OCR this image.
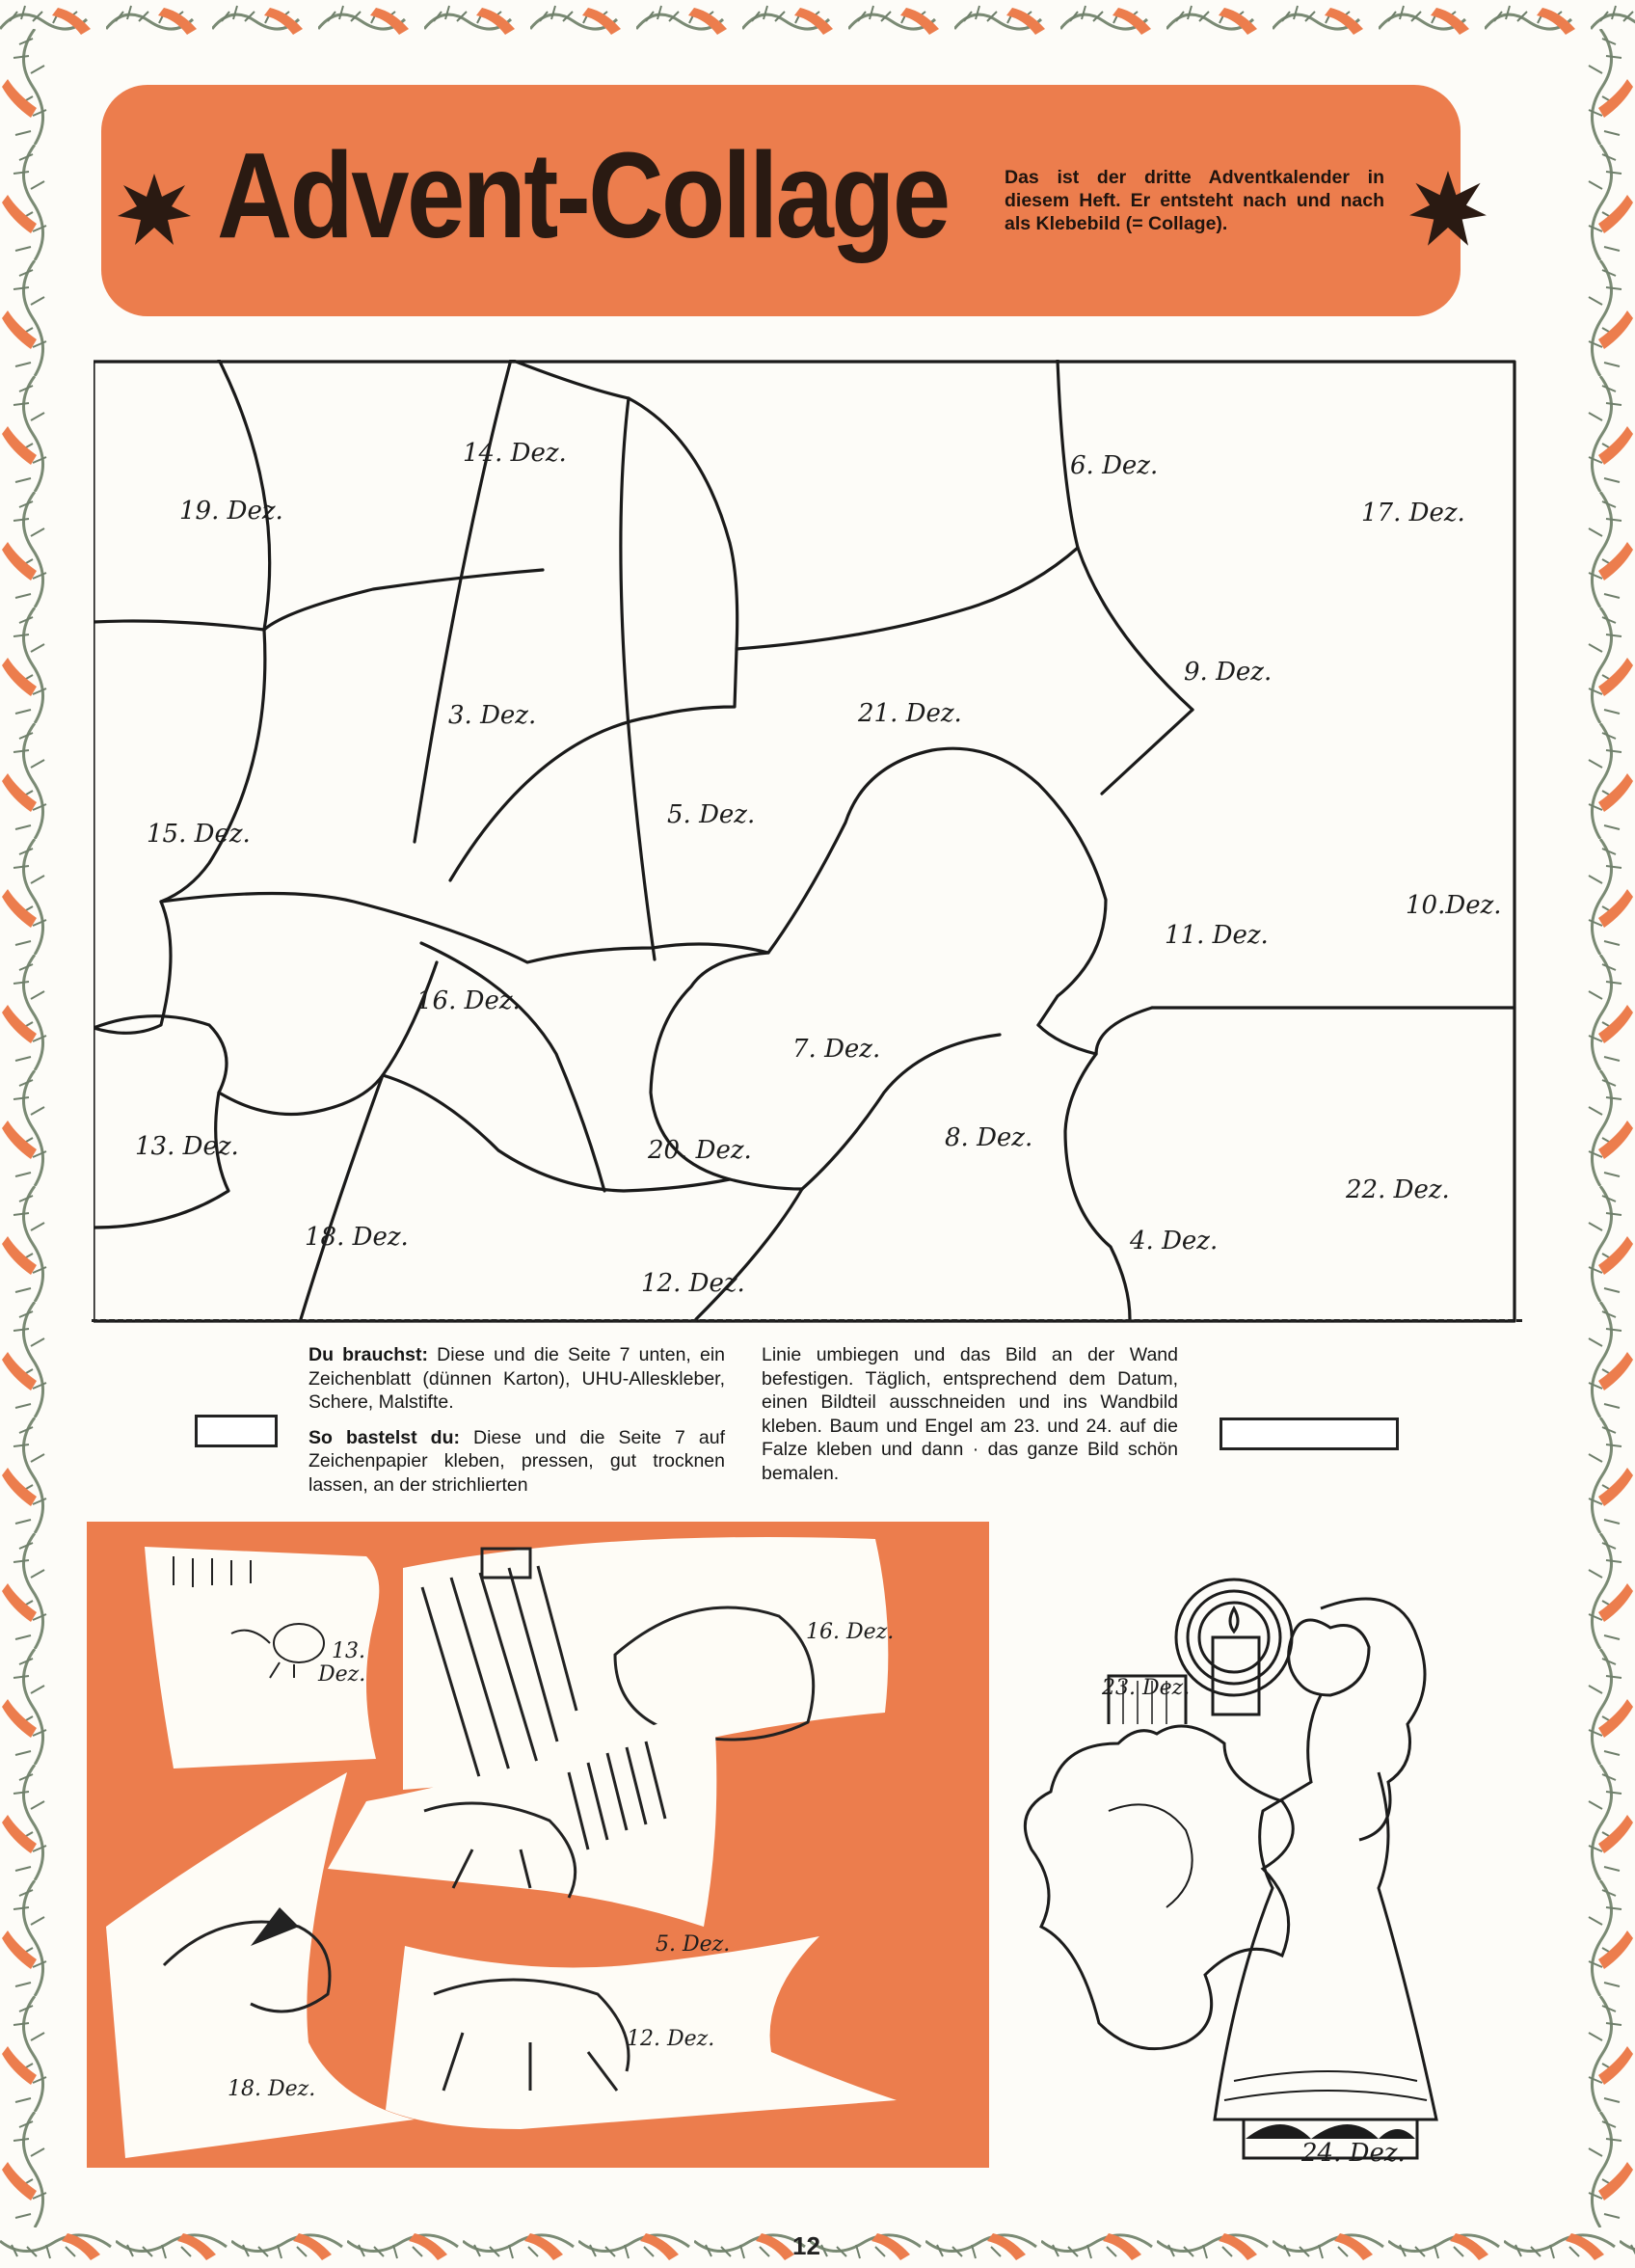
Advent-Collage	Das ist der dritte Adventkalender in diesem Heft. Er entsteht nach und nach als Klebebild (= Collage).
19. Dez.
14. Dez.	6. Dez.
17. Dez.
9. Dez.
3. Dez.	21. Dez.
15. Dez.
5. Dez.
10.Dez.
11. Dez.
16. Dez.
7. Dez.
13. Dez.	20. Dez.	8. Dez.
22. Dez.
18. Dez.	4. Dez.
12. Dez.
Du brauchst: Diese und die Seite 7 unten, ein Zeichenblatt (dünnen Karton), UHU-Alleskleber, Schere, Malstifte.
So bastelst du: Diese und die Seite 7 auf Zeichenpapier kleben, pressen, gut trocknen lassen, an der strichlierten
Linie umbiegen und das Bild an der Wand befestigen. Täglich, entsprechend dem Datum, einen Bildteil ausschneiden und ins Wandbild kleben. Baum und Engel am 23. und 24. auf die Falze kleben und dann · das ganze Bild schön bemalen.
13.
Dez.
16. Dez.
5. Dez.
18. Dez.
12. Dez.
23. Dez.
24. Dez.
12
